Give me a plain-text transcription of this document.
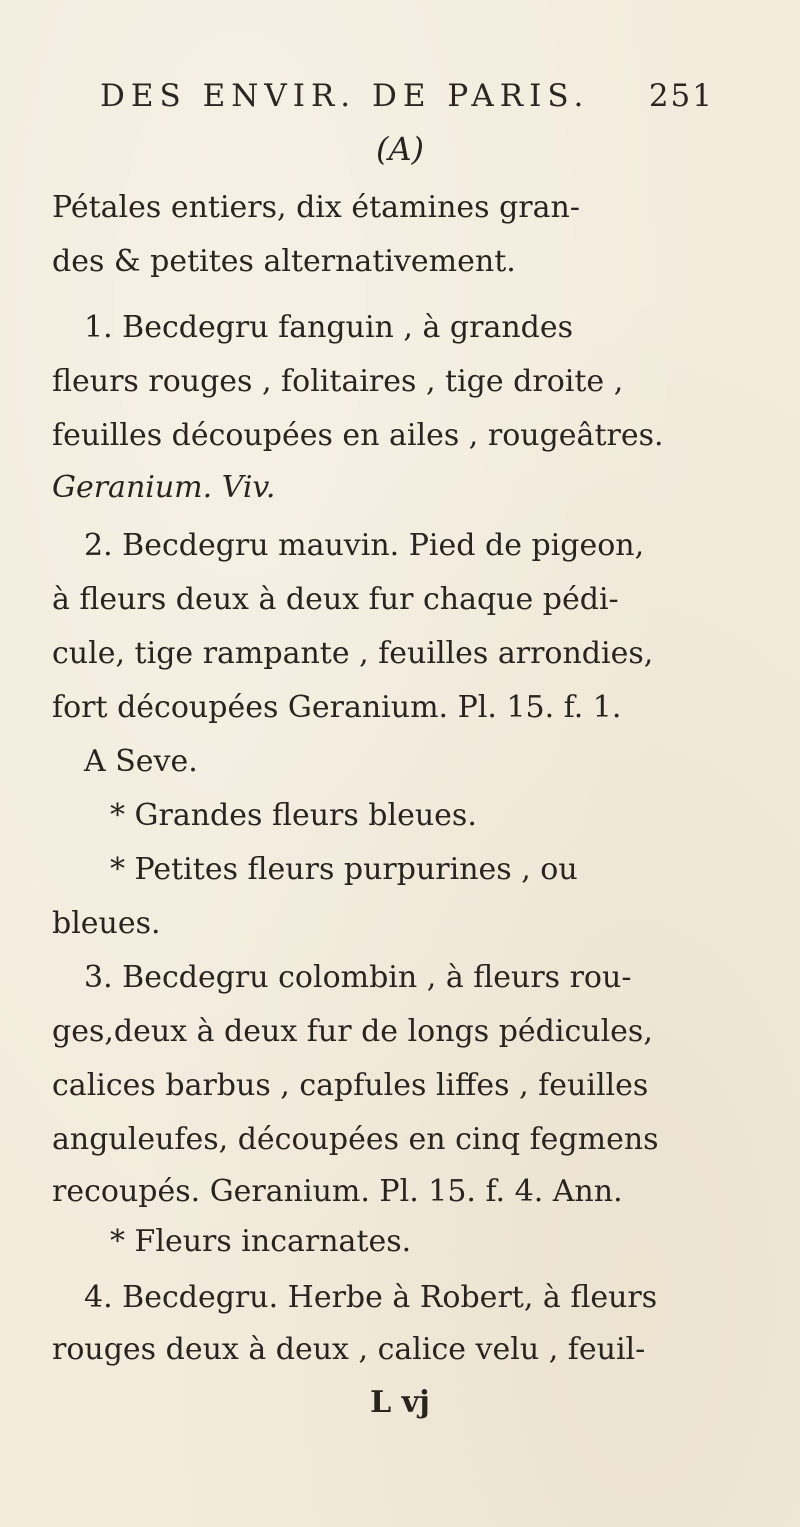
DES ENVIR. DE PARIS. 251
(A)
Pétales entiers, dix étamines gran-
des & petites alternativement.
1. Becdegru fanguin , à grandes
fleurs rouges , folitaires , tige droite ,
feuilles découpées en ailes , rougeâtres.
Geranium. Viv.
2. Becdegru mauvin. Pied de pigeon,
à fleurs deux à deux fur chaque pédi-
cule, tige rampante , feuilles arrondies,
fort découpées Geranium. Pl. 15. f. 1.
A Seve.
* Grandes fleurs bleues.
* Petites fleurs purpurines , ou
bleues.
3. Becdegru colombin , à fleurs rou-
ges,deux à deux fur de longs pédicules,
calices barbus , capfules liffes , feuilles
anguleufes, découpées en cinq fegmens
recoupés. Geranium. Pl. 15. f. 4. Ann.
* Fleurs incarnates.
4. Becdegru. Herbe à Robert, à fleurs
rouges deux à deux , calice velu , feuil-
L vj
